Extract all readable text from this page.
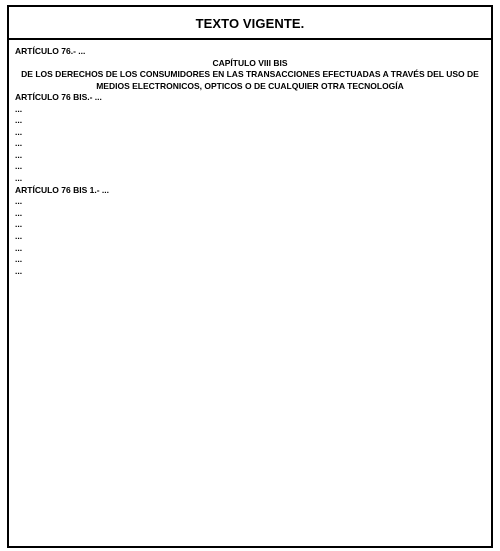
TEXTO VIGENTE.
ARTÍCULO 76.- ...
CAPÍTULO VIII BIS
DE LOS DERECHOS DE LOS CONSUMIDORES EN LAS TRANSACCIONES EFECTUADAS A TRAVÉS DEL USO DE MEDIOS ELECTRONICOS, OPTICOS O DE CUALQUIER OTRA TECNOLOGÍA
ARTÍCULO 76 BIS.- ...
...
...
...
...
...
...
...
ARTÍCULO 76 BIS 1.- ...
...
...
...
...
...
...
...
